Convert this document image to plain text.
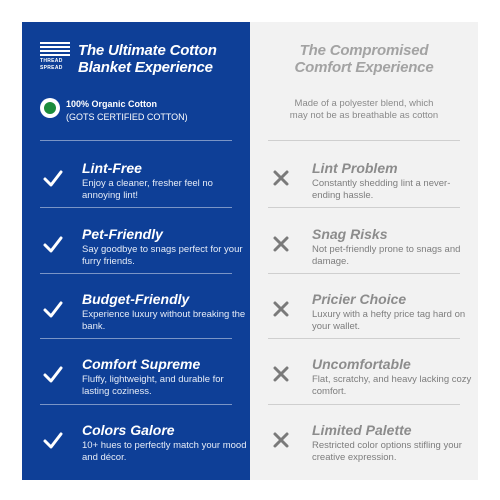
THREAD
SPREAD
The Ultimate Cotton
Blanket Experience
100% Organic Cotton
(GOTS CERTIFIED COTTON)
Lint-Free
Enjoy a cleaner, fresher feel no annoying lint!
Pet-Friendly
Say goodbye to snags perfect for your furry friends.
Budget-Friendly
Experience luxury without breaking the bank.
Comfort Supreme
Fluffy, lightweight, and durable for lasting coziness.
Colors Galore
10+ hues to perfectly match your mood and décor.
The Compromised
Comfort Experience
Made of a polyester blend, which
may not be as breathable as cotton
Lint Problem
Constantly shedding lint a never-ending hassle.
Snag Risks
Not pet-friendly prone to snags and damage.
Pricier Choice
Luxury with a hefty price tag hard on your wallet.
Uncomfortable
Flat, scratchy, and heavy lacking cozy comfort.
Limited Palette
Restricted color options stifling your creative expression.
